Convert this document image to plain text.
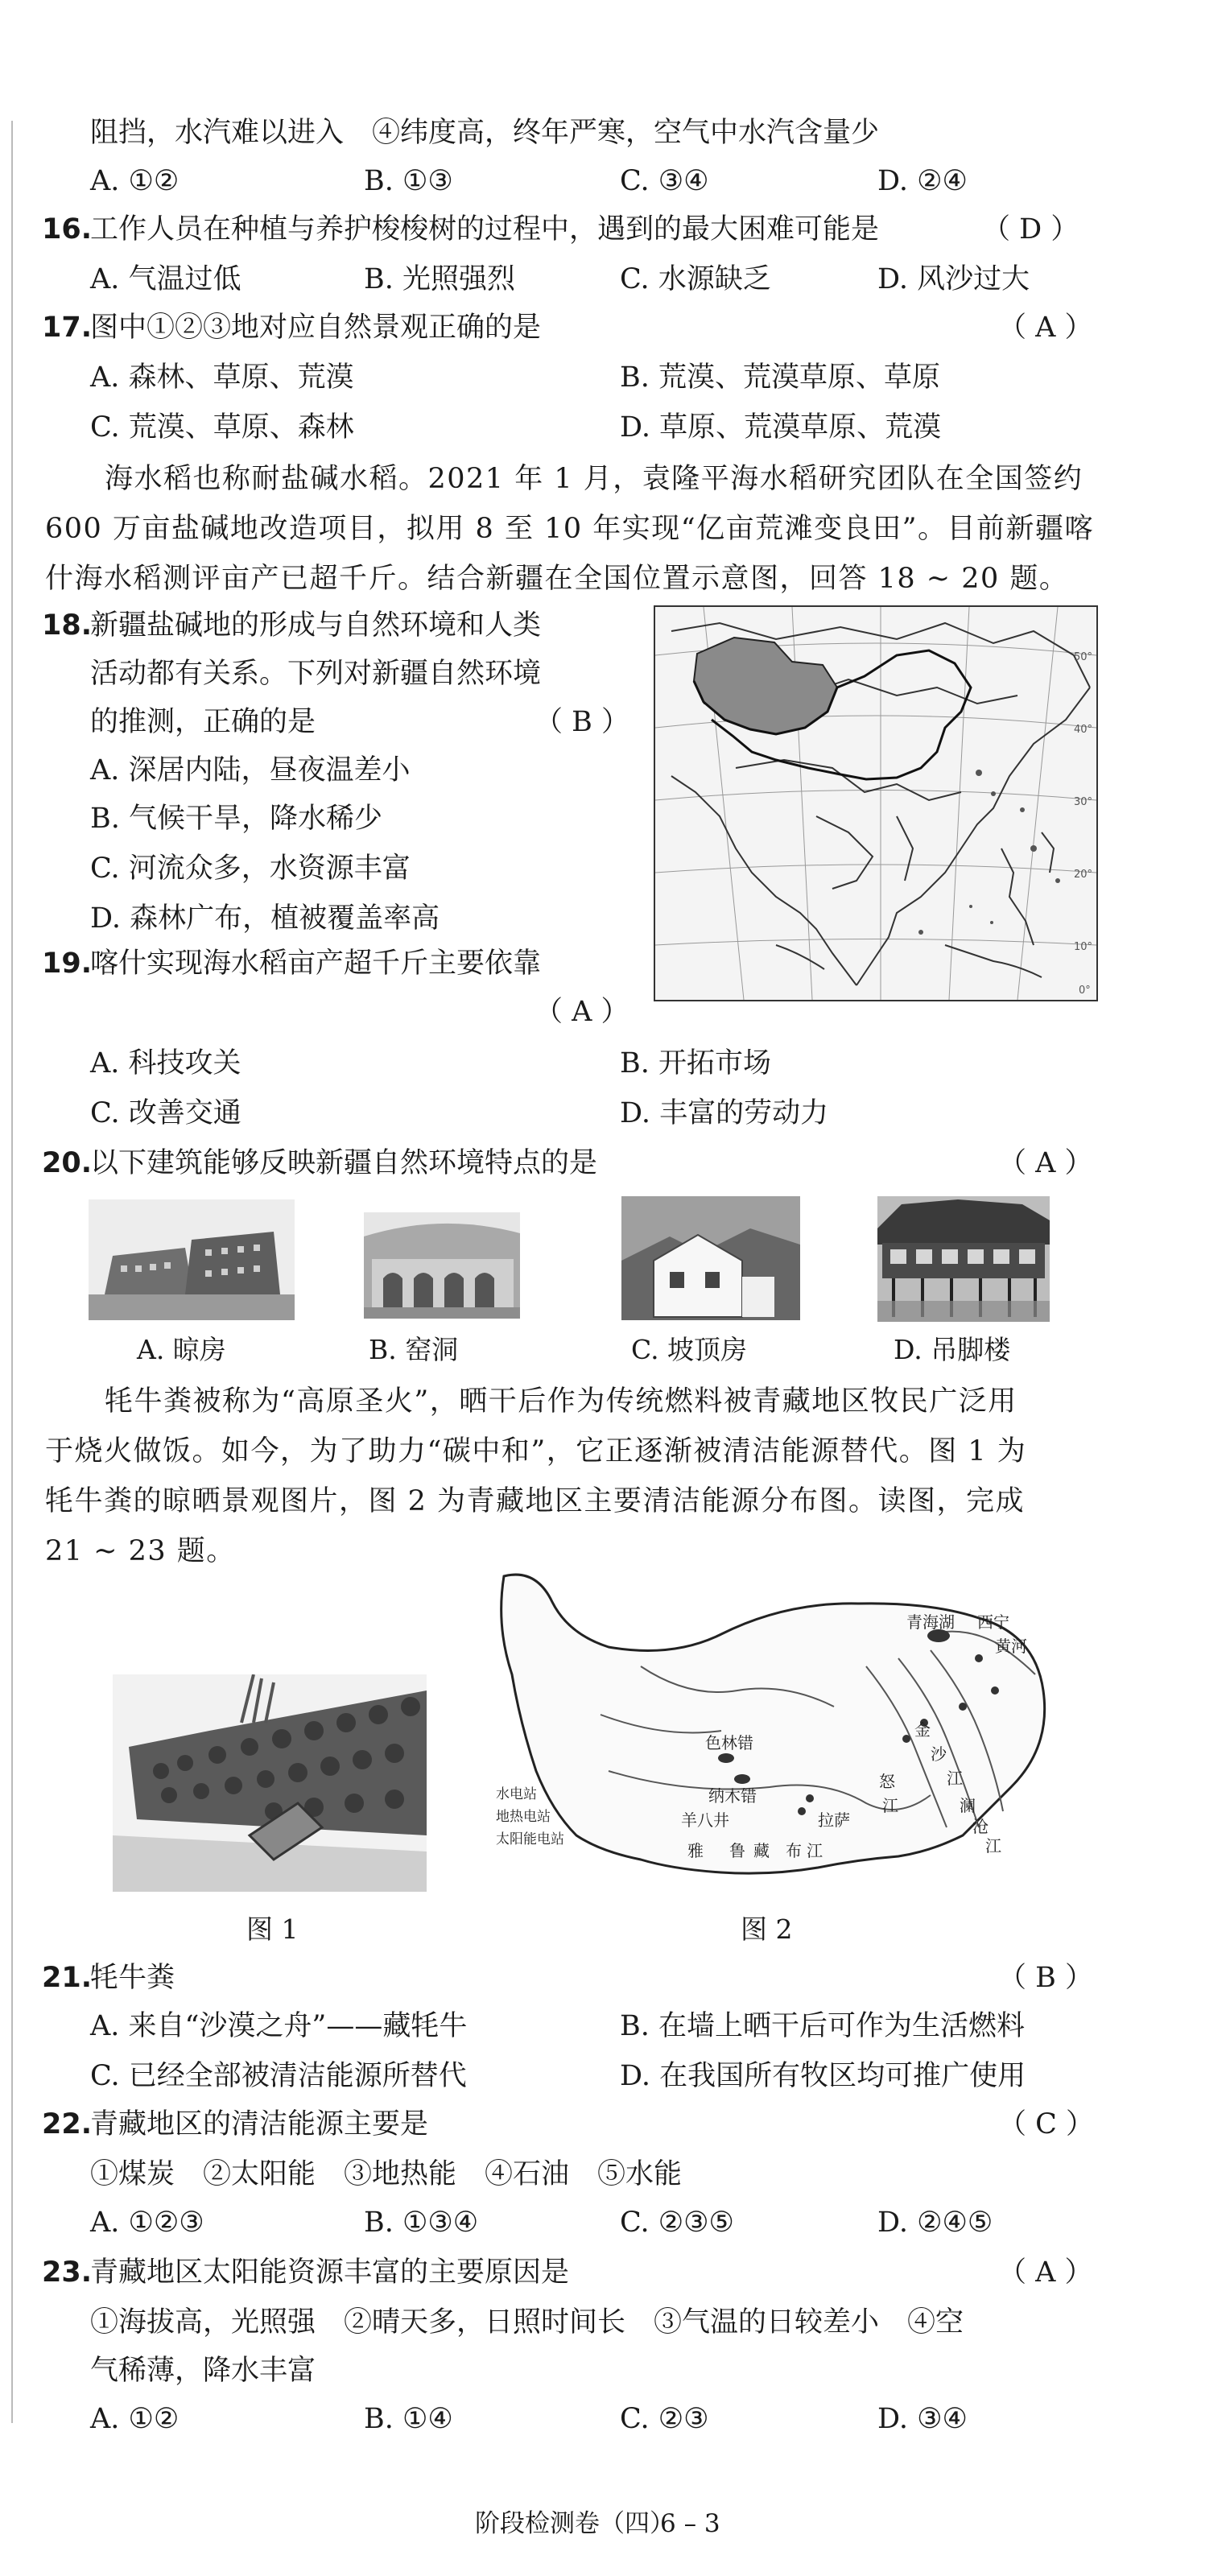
阻挡，水汽难以进入　④纬度高，终年严寒，空气中水汽含量少
A. ①②	B. ①③	C. ③④	D. ②④
16.
工作人员在种植与养护梭梭树的过程中，遇到的最大困难可能是	（ D ）
A. 气温过低	B. 光照强烈	C. 水源缺乏	D. 风沙过大
17.
图中①②③地对应自然景观正确的是	（ A ）
A. 森林、草原、荒漠	B. 荒漠、荒漠草原、草原
C. 荒漠、草原、森林	D. 草原、荒漠草原、荒漠
海水稻也称耐盐碱水稻。2021 年 1 月，袁隆平海水稻研究团队在全国签约
600 万亩盐碱地改造项目，拟用 8 至 10 年实现“亿亩荒滩变良田”。目前新疆喀
什海水稻测评亩产已超千斤。结合新疆在全国位置示意图，回答 18 ~ 20 题。
18.
新疆盐碱地的形成与自然环境和人类
活动都有关系。下列对新疆自然环境
的推测，正确的是	（ B ）
A. 深居内陆，昼夜温差小
B. 气候干旱，降水稀少
C. 河流众多，水资源丰富
D. 森林广布，植被覆盖率高
50°
40°
30°
20°
10°
0°
19.
喀什实现海水稻亩产超千斤主要依靠
（ A ）
A. 科技攻关	B. 开拓市场
C. 改善交通	D. 丰富的劳动力
20.
以下建筑能够反映新疆自然环境特点的是	（ A ）
A. 晾房	B. 窑洞	C. 坡顶房	D. 吊脚楼
牦牛粪被称为“高原圣火”，晒干后作为传统燃料被青藏地区牧民广泛用
于烧火做饭。如今，为了助力“碳中和”，它正逐渐被清洁能源替代。图 1 为
牦牛粪的晾晒景观图片，图 2 为青藏地区主要清洁能源分布图。读图，完成
21 ~ 23 题。
青海湖 西宁
黄河
色林错
纳木错
羊八井	拉萨
雅 鲁 藏 布 江
金
沙
江
澜
沧
江
怒
江
水电站
地热电站
太阳能电站
图 1	图 2
21.
牦牛粪	（ B ）
A. 来自“沙漠之舟”——藏牦牛	B. 在墙上晒干后可作为生活燃料
C. 已经全部被清洁能源所替代	D. 在我国所有牧区均可推广使用
22.
青藏地区的清洁能源主要是	（ C ）
①煤炭　②太阳能　③地热能　④石油　⑤水能
A. ①②③	B. ①③④	C. ②③⑤	D. ②④⑤
23.
青藏地区太阳能资源丰富的主要原因是	（ A ）
①海拔高，光照强　②晴天多，日照时间长　③气温的日较差小　④空
气稀薄，降水丰富
A. ①②	B. ①④	C. ②③	D. ③④
阶段检测卷（四）
6 – 3
